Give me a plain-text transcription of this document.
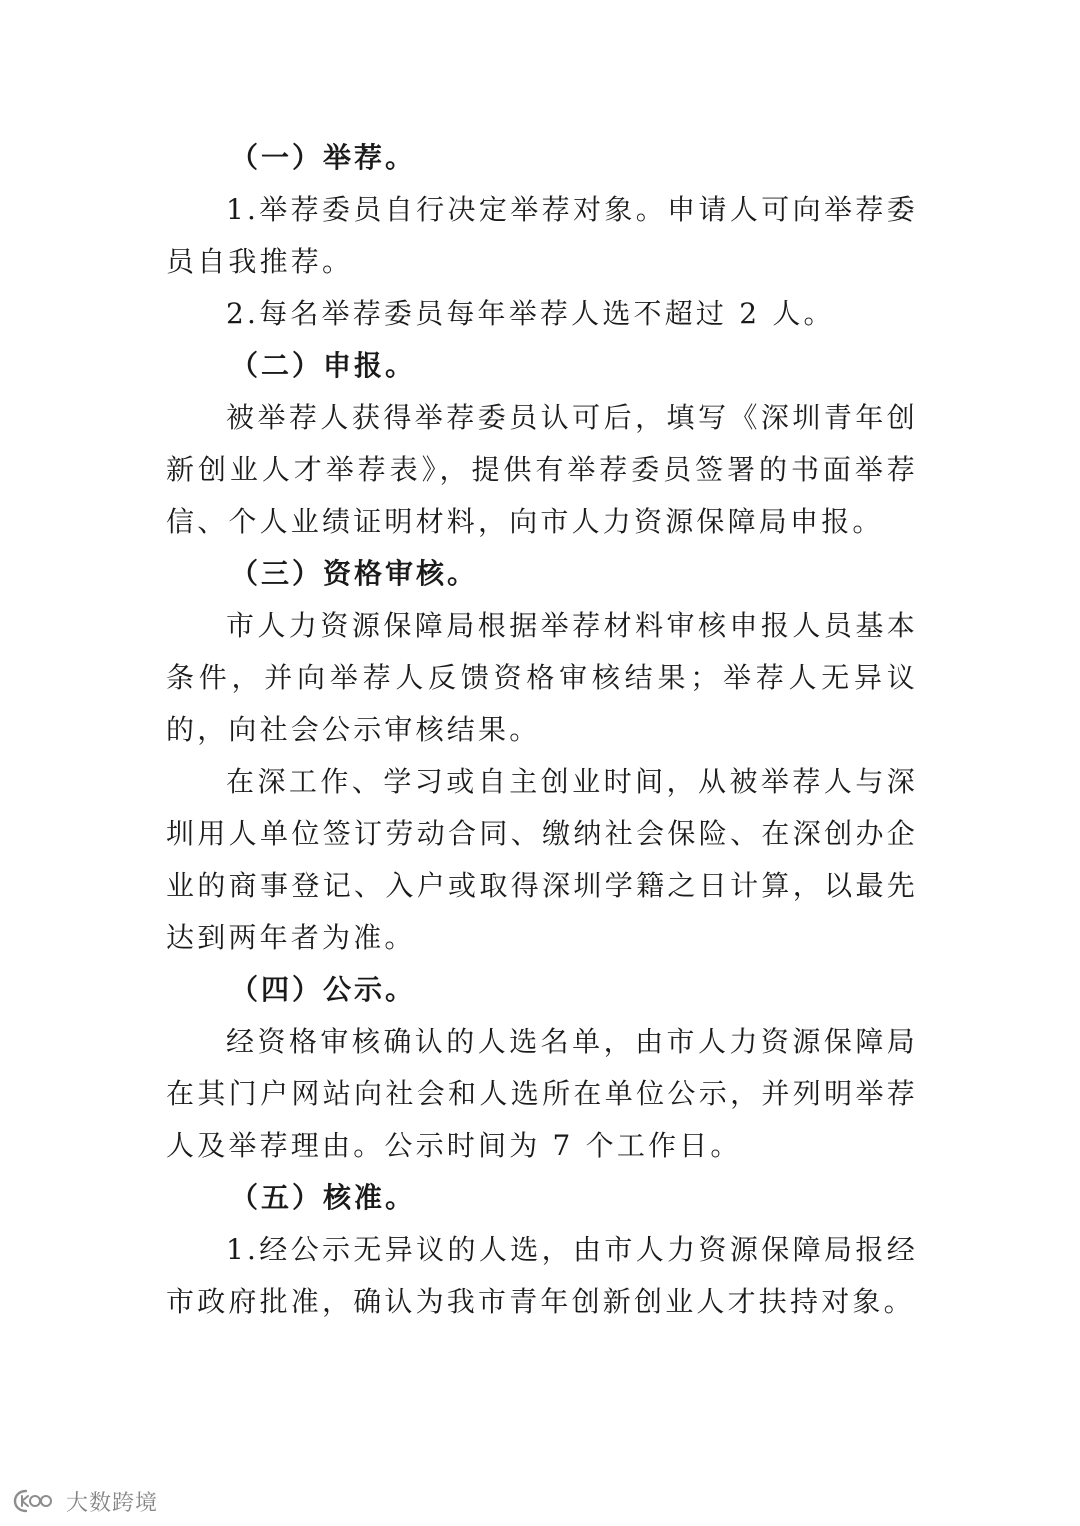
（一）举荐。

1.举荐委员自行决定举荐对象。申请人可向举荐委员自我推荐。

2.每名举荐委员每年举荐人选不超过 2 人。

（二）申报。

被举荐人获得举荐委员认可后，填写《深圳青年创新创业人才举荐表》，提供有举荐委员签署的书面举荐信、个人业绩证明材料，向市人力资源保障局申报。

（三）资格审核。

市人力资源保障局根据举荐材料审核申报人员基本条件，并向举荐人反馈资格审核结果；举荐人无异议的，向社会公示审核结果。

在深工作、学习或自主创业时间，从被举荐人与深圳用人单位签订劳动合同、缴纳社会保险、在深创办企业的商事登记、入户或取得深圳学籍之日计算，以最先达到两年者为准。

（四）公示。

经资格审核确认的人选名单，由市人力资源保障局在其门户网站向社会和人选所在单位公示，并列明举荐人及举荐理由。公示时间为 7 个工作日。

（五）核准。

1.经公示无异议的人选，由市人力资源保障局报经市政府批准，确认为我市青年创新创业人才扶持对象。

大数跨境
